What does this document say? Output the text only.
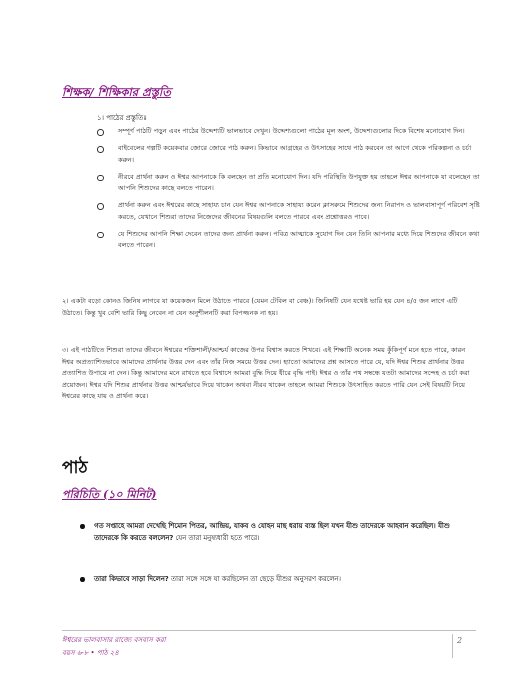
শিক্ষক/ শিক্ষিকার প্রস্তুতি
১। পাঠের প্রস্তুতিঃ
সম্পূর্ণ পাঠটি পড়ুন এবং পাঠের উদ্দেশ্যটি ভালভাবে দেখুন। উদ্দেশ্যগুলো পাঠের মূল অংশ, উদ্দেশ্যগুলোর দিকে বিশেষ মনোযোগ দিন।
বাইবেলের গল্পটি কয়েকবার জোরে জোরে পাঠ করুন। কিভাবে আগ্রহের ও উৎসাহের সাথে পাঠ করবেন তা আগে থেকে পরিকল্পনা ও চর্চা করুন।
নীরবে প্রার্থনা করুন ও ঈশ্বর আপনাকে কি বলছেন তা প্রতি মনোযোগ দিন। যদি পরিস্থিতি উপযুক্ত হয় তাহলে ঈশ্বর আপনাকে যা বলেছেন তা আপনি শিশুদের কাছে বলতে পারেন।
প্রার্থনা করুন এবং ঈশ্বরের কাছে সাহায্য চান যেন ঈশ্বর আপনাকে সাহায্য করেন ক্লাসরুমে শিশুদের জন্য নিরাপদ ও ভালবাসাপূর্ণ পরিবেশ সৃষ্টি করতে, যেখানে শিশুরা তাদের নিজেদের জীবনের বিষয়গুলি বলতে পারবে এবং প্রশ্নোত্তরও পাবে।
যে শিশুদের আপনি শিক্ষা দেবেন তাদের জন্য প্রার্থনা করুন। পবিত্র আত্মাকে সুযোগ দিন যেন তিনি আপনার মধ্যে দিয়ে শিশুদের জীবনে কথা বলতে পারেন।

২। একটা বড়ো কোনও জিনিষ লাগবে যা কয়েকজন মিলে উঠাতে পারবে (যেমন টেবিল বা বেঞ্চ)। জিনিষটি যেন যথেষ্ট ভারি হয় যেন ৪/৫ জন লাগে এটি উঠাতে। কিন্তু খুব বেশি ভারি কিছু নেবেন না যেন অনুশীলনটি করা বিপজ্জনক না হয়।

৩। এই পাঠটিতে শিশুরা তাদের জীবনে ঈশ্বরের শক্তিশালী/আশ্চর্য কাজের উপর বিশ্বাস করতে শিখবে। এই শিক্ষাটি অনেক সময় কুঁকিপূর্ণ মনে হতে পারে, কারন ঈশ্বর অপ্রত্যাশিতভাবে আমাদের প্রার্থনার উত্তর দেন এবং তাঁর নিজ সময়ে উত্তর দেন। হ্যাতো আমাদের প্রশ্ন আসতে পারে যে, যদি ঈশ্বর শিশুর প্রার্থনার উত্তর প্রত্যাশিত উপায়ে না দেন। কিন্তু আমাদের মনে রাখতে হবে বিশ্বাসে আমরা বুদ্ধি দিয়ে ধীরে বৃদ্ধি পাই। ঈশ্বর ও তাঁর পথ সম্বন্ধে যতটা আমাদের সন্দেহ ও চর্চা করা প্রয়োজন। ঈশ্বর যদি শিশুর প্রার্থনার উত্তর আশ্চর্যভাবে দিয়ে থাকেন অথবা নীরব থাকেন তাহলে আমরা শিশুকে উৎসাহিত করতে পারি যেন সেই বিষয়টি নিয়ে ঈশ্বরের কাছে যায় ও প্রার্থনা করে।

পাঠ
পরিচিতি (১০ মিনিট)
গত সপ্তাহে আমরা দেখেছি শিমোন পিতর, আন্দ্রিয়, যাকব ও যোহন মাছ ধরায় ব্যস্ত ছিল যখন যীশু তাদেরকে আহবান করেছিল। যীশু তাদেরকে কি করতে বললেন? যেন তারা মনুষ্যধারী হতে পারে।
তারা কিভাবে সাড়া দিলেন? তারা সঙ্গে সঙ্গে যা করছিলেন তা ছেড়ে যীশুর অনুসরণ করলেন।
ঈশ্বরের ভালবাসার রাজ্যে বসবাস করা
বয়স ৬-৮ • পাঠ ২৪
2
